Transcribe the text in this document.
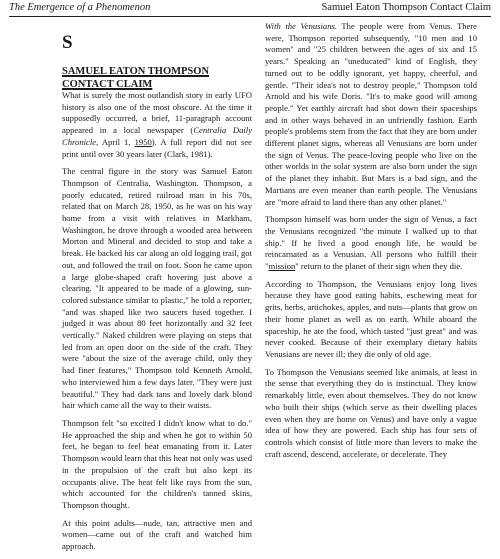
The Emergence of a Phenomenon	Samuel Eaton Thompson Contact Claim
S
SAMUEL EATON THOMPSON CONTACT CLAIM

What is surely the most outlandish story in early UFO history is also one of the most obscure. At the time it supposedly occurred, a brief, 11-paragraph account appeared in a local newspaper (Centralia Daily Chronicle, April 1, 1950). A full report did not see print until over 30 years later (Clark, 1981).

The central figure in the story was Samuel Eaton Thompson of Centralia, Washington. Thompson, a poorly educated, retired railroad man in his 70s, related that on March 28, 1950, as he was on his way home from a visit with relatives in Markham, Washington, he drove through a wooded area between Morton and Mineral and decided to stop and take a break. He backed his car along an old logging trail, got out, and followed the trail on foot. Soon he came upon a large globe-shaped craft hovering just above a clearing. "It appeared to be made of a glowing, sun-colored substance similar to plastic," he told a reporter, "and was shaped like two saucers fused together. I judged it was about 80 feet horizontally and 32 feet vertically." Naked children were playing on steps that led from an open door on the side of the craft. They were "about the size of the average child, only they had finer features," Thompson told Kenneth Arnold, who interviewed him a few days later. "They were just beautiful." They had dark tans and lovely dark blond hair which came all the way to their waists.

Thompson felt "so excited I didn't know what to do." He approached the ship and when he got to within 50 feet, he began to feel heat emanating from it. Later Thompson would learn that this heat not only was used in the propulsion of the craft but also kept its occupants alive. The heat felt like rays from the sun, which accounted for the children's tanned skins, Thompson thought.

At this point adults—nude, tan, attractive men and women—came out of the craft and watched him approach.

With the Venusians. The people were from Venus. There were, Thompson reported subsequently, "10 men and 10 women" and "25 children between the ages of six and 15 years." Speaking an "uneducated" kind of English, they turned out to be oddly ignorant, yet happy, cheerful, and gentle. "Their idea's not to destroy people," Thompson told Arnold and his wife Doris. "It's to make good will among people." Yet earthly aircraft had shot down their spaceships and in other ways behaved in an unfriendly fashion. Earth people's problems stem from the fact that they are born under different planet signs, whereas all Venusians are born under the sign of Venus. The peace-loving people who live on the other worlds in the solar system are also born under the sign of the planet they inhabit. But Mars is a bad sign, and the Martians are even meaner than earth people. The Venusians are "more afraid to land there than any other planet."

Thompson himself was born under the sign of Venus, a fact the Venusians recognized "the minute I walked up to that ship." If he lived a good enough life, he would be reincarnated as a Venusian. All persons who fulfill their "mission" return to the planet of their sign when they die.

According to Thompson, the Venusians enjoy long lives because they have good eating habits, eschewing meat for grits, herbs, artichokes, apples, and nuts—plants that grow on their home planet as well as on earth. While aboard the spaceship, he ate the food, which tasted "just great" and was never cooked. Because of their exemplary dietary habits Venusians are never ill; they die only of old age.

To Thompson the Venusians seemed like animals, at least in the sense that everything they do is instinctual. They know remarkably little, even about themselves. They do not know who built their ships (which serve as their dwelling places even when they are home on Venus) and have only a vague idea of how they are powered. Each ship has four sets of controls which consist of little more than levers to make the craft ascend, descend, accelerate, or decelerate. They
